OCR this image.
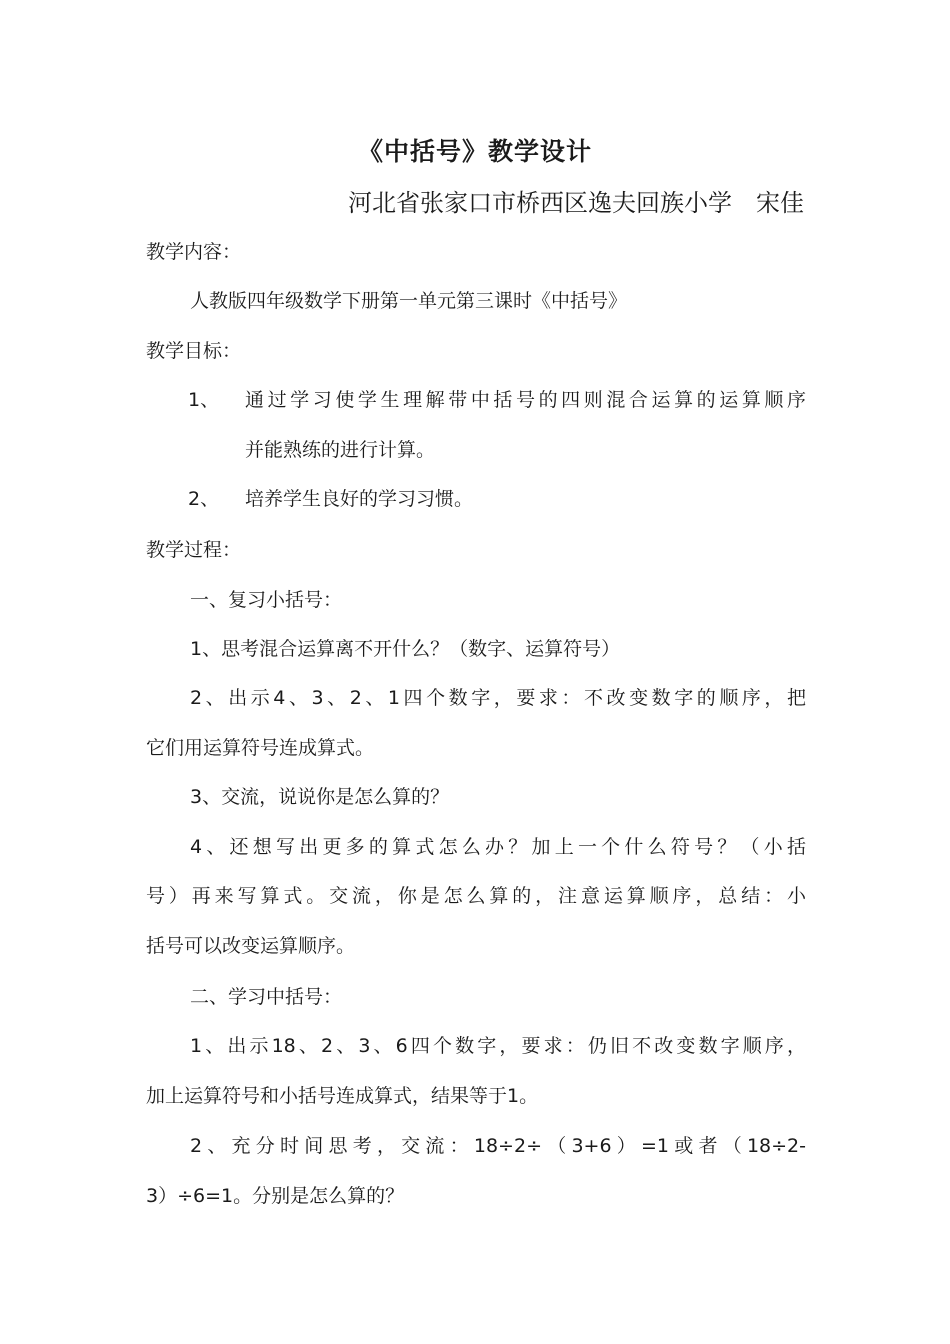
《中括号》教学设计
河北省张家口市桥西区逸夫回族小学　宋佳
教学内容：
人教版四年级数学下册第一单元第三课时《中括号》
教学目标：
1、 通过学习使学生理解带中括号的四则混合运算的运算顺序
并能熟练的进行计算。
2、 培养学生良好的学习习惯。
教学过程：
一、复习小括号：
1、思考混合运算离不开什么？（数字、运算符号）
2、出示4、3、2、1四个数字，要求：不改变数字的顺序，把
它们用运算符号连成算式。
3、交流，说说你是怎么算的？
4、还想写出更多的算式怎么办？加上一个什么符号？（小括
号）再来写算式。交流，你是怎么算的，注意运算顺序，总结：小
括号可以改变运算顺序。
二、学习中括号：
1、出示18、2、3、6四个数字，要求：仍旧不改变数字顺序，
加上运算符号和小括号连成算式，结果等于1。
2、充分时间思考，交流：18÷2÷（3+6）=1或者（18÷2-
3）÷6=1。分别是怎么算的？
